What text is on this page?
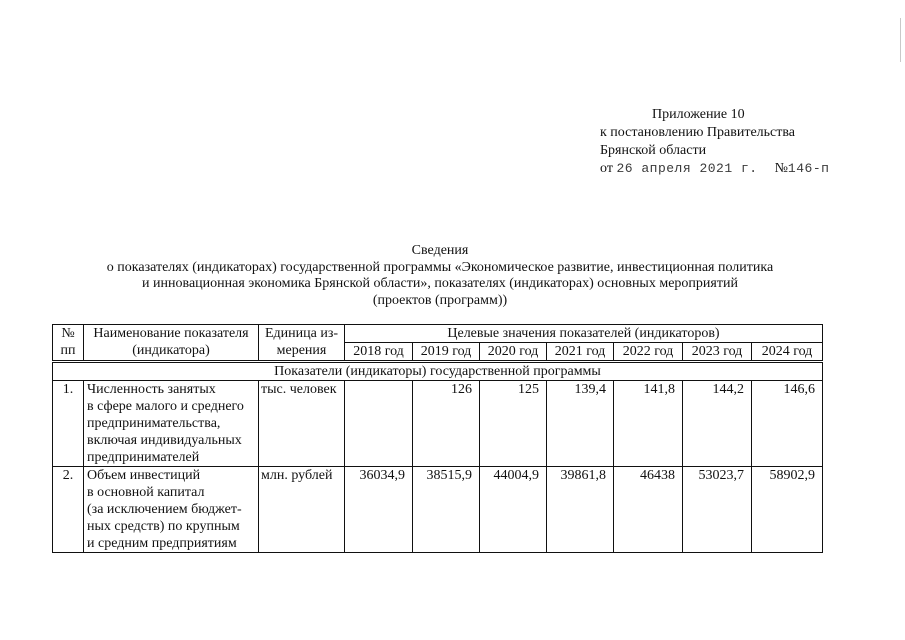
Приложение 10
к постановлению Правительства
Брянской области
от 26 апреля 2021 г. №146-п
Сведения
о показателях (индикаторах) государственной программы «Экономическое развитие, инвестиционная политика
и инновационная экономика Брянской области», показателях (индикаторах) основных мероприятий
(проектов (программ))
№
пп	Наименование показателя (индикатора)	Единица из-мерения	Целевые значения показателей (индикаторов)						
			2018 год	2019 год	2020 год	2021 год	2022 год	2023 год	2024 год
Показатели (индикаторы) государственной программы									
1.	Численность занятых
в сфере малого и среднего
предпринимательства,
включая индивидуальных
предпринимателей	тыс. человек		126	125	139,4	141,8	144,2	146,6
2.	Объем инвестиций
в основной капитал
(за исключением бюджет-
ных средств) по крупным
и средним предприятиям	млн. рублей	36034,9	38515,9	44004,9	39861,8	46438	53023,7	58902,9
